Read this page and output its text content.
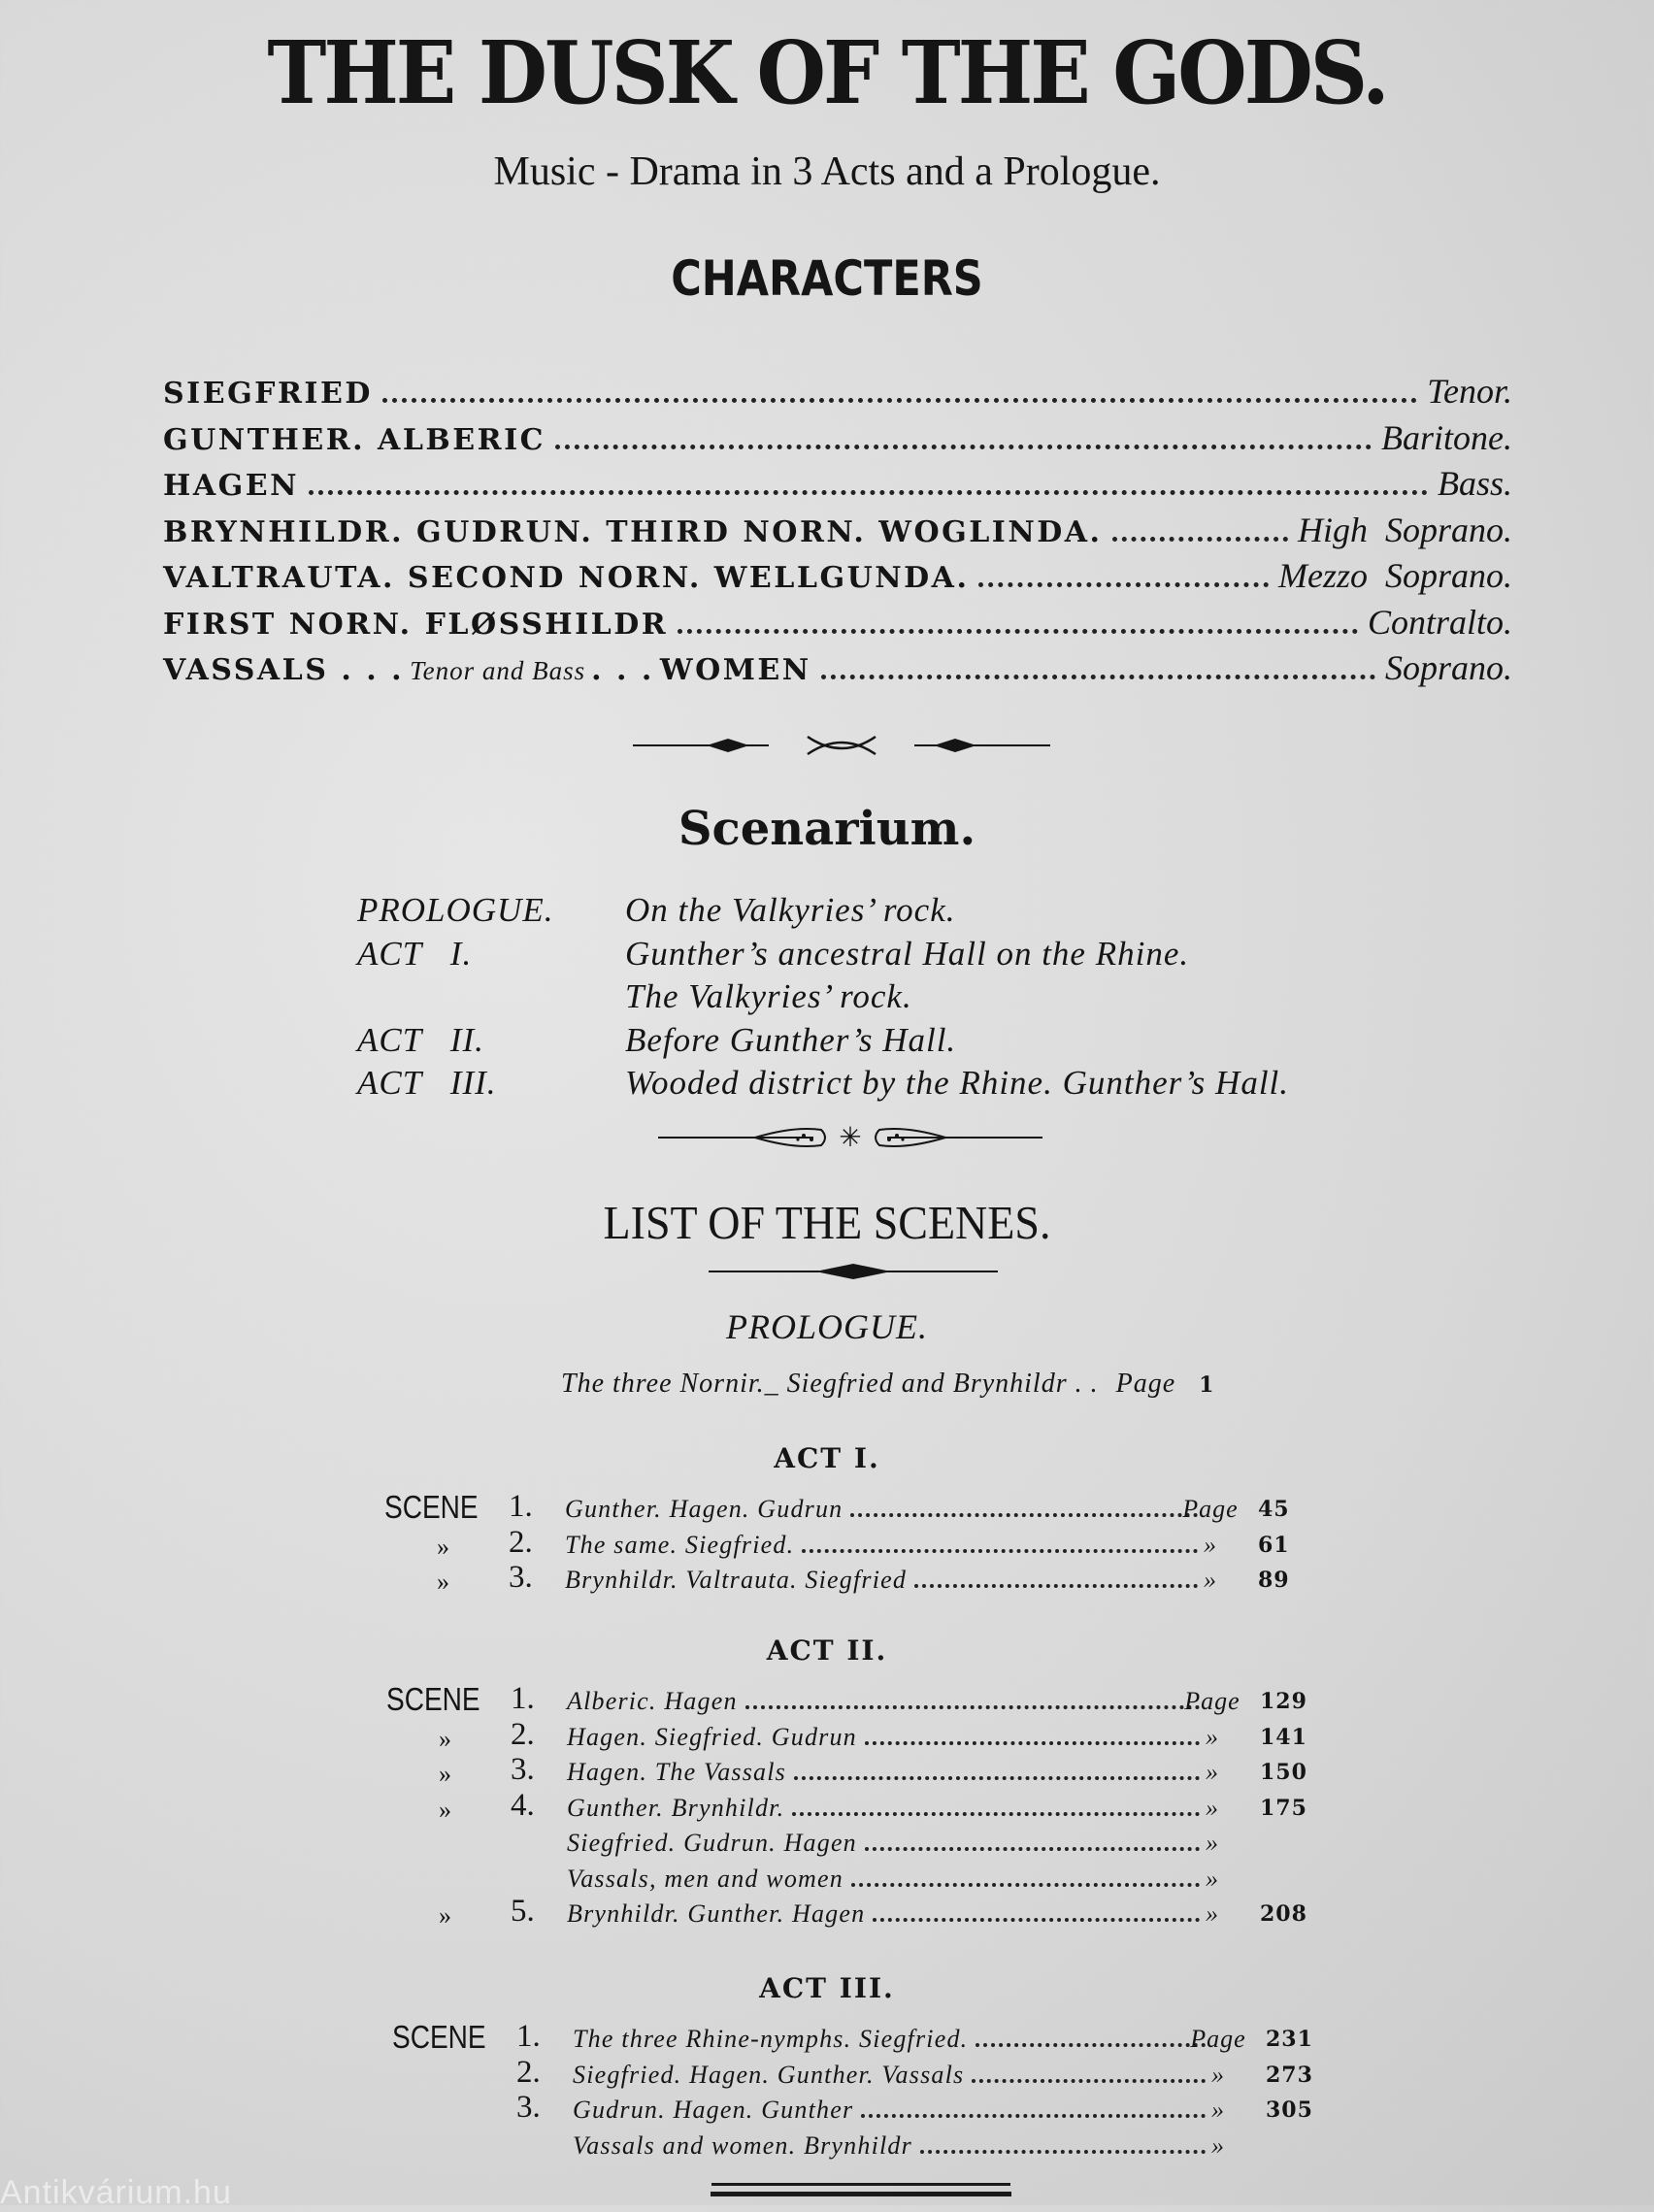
THE DUSK OF THE GODS.
Music - Drama in 3 Acts and a Prologue.
CHARACTERS
SIEGFRIED	Tenor.
GUNTHER. ALBERIC	Baritone.
HAGEN	Bass.
BRYNHILDR. GUDRUN. THIRD NORN. WOGLINDA.	High  Soprano.
VALTRAUTA. SECOND NORN. WELLGUNDA.	Mezzo  Soprano.
FIRST NORN. FLØSSHILDR	Contralto.
VASSALS . . . Tenor and Bass . . . WOMEN	Soprano.
Scenarium.
PROLOGUE.	On the Valkyries’ rock.
ACT   I.	Gunther’s ancestral Hall on the Rhine.
The Valkyries’ rock.
ACT   II.	Before Gunther’s Hall.
ACT   III.	Wooded district by the Rhine. Gunther’s Hall.
✳
LIST OF THE SCENES.
PROLOGUE.
The three Nornir._ Siegfried and Brynhildr . . Page 1
ACT I.
SCENE 1. Gunther. Hagen. Gudrun	Page 45
» 2. The same. Siegfried.	»	61
» 3. Brynhildr. Valtrauta. Siegfried	»	89
ACT II.
SCENE 1. Alberic. Hagen	Page 129
» 2. Hagen. Siegfried. Gudrun	»	141
» 3. Hagen. The Vassals	»	150
» 4. Gunther. Brynhildr.	»	175
Siegfried. Gudrun. Hagen	»
Vassals, men and women	»
» 5. Brynhildr. Gunther. Hagen	»	208
ACT III.
SCENE 1. The three Rhine-nymphs. Siegfried.	Page 231
2. Siegfried. Hagen. Gunther. Vassals	»	273
3. Gudrun. Hagen. Gunther	»	305
Vassals and women. Brynhildr	»
Antikvárium.hu
